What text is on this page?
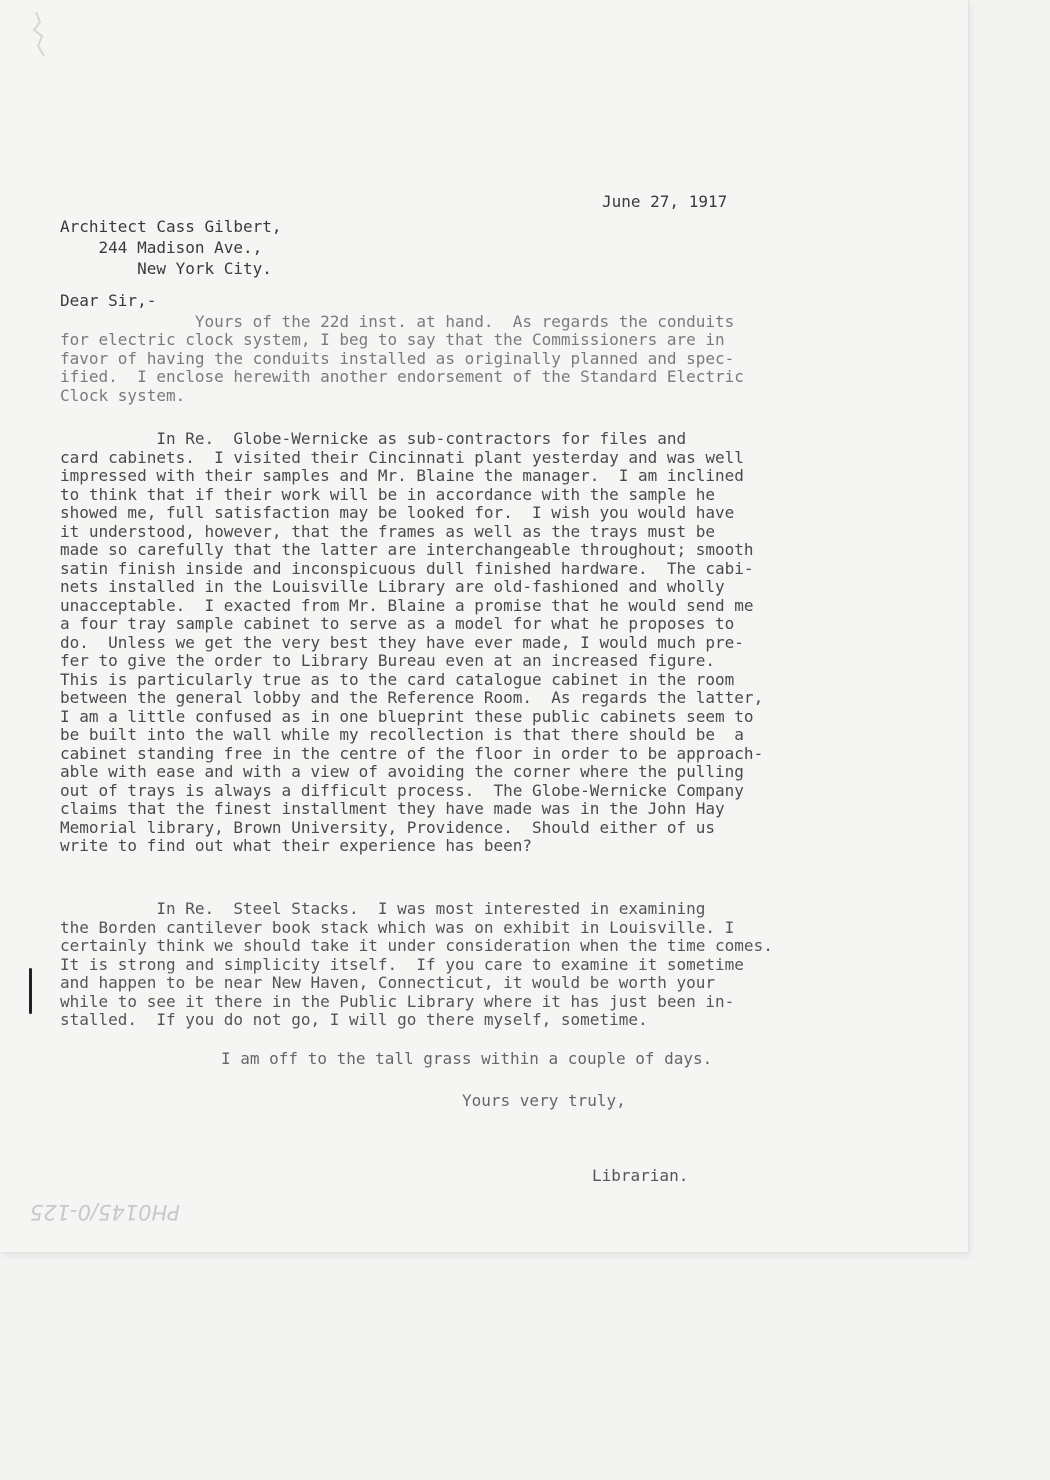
June 27, 1917

Architect Cass Gilbert,
244 Madison Ave.,
New York City.

Dear Sir,-

Yours of the 22d inst. at hand.  As regards the conduits
for electric clock system, I beg to say that the Commissioners are in
favor of having the conduits installed as originally planned and spec-
ified.  I enclose herewith another endorsement of the Standard Electric
Clock system.

In Re.  Globe-Wernicke as sub-contractors for files and
card cabinets.  I visited their Cincinnati plant yesterday and was well
impressed with their samples and Mr. Blaine the manager.  I am inclined
to think that if their work will be in accordance with the sample he
showed me, full satisfaction may be looked for.  I wish you would have
it understood, however, that the frames as well as the trays must be
made so carefully that the latter are interchangeable throughout; smooth
satin finish inside and inconspicuous dull finished hardware.  The cabi-
nets installed in the Louisville Library are old-fashioned and wholly
unacceptable.  I exacted from Mr. Blaine a promise that he would send me
a four tray sample cabinet to serve as a model for what he proposes to
do.  Unless we get the very best they have ever made, I would much pre-
fer to give the order to Library Bureau even at an increased figure.
This is particularly true as to the card catalogue cabinet in the room
between the general lobby and the Reference Room.  As regards the latter,
I am a little confused as in one blueprint these public cabinets seem to
be built into the wall while my recollection is that there should be  a
cabinet standing free in the centre of the floor in order to be approach-
able with ease and with a view of avoiding the corner where the pulling
out of trays is always a difficult process.  The Globe-Wernicke Company
claims that the finest installment they have made was in the John Hay
Memorial library, Brown University, Providence.  Should either of us
write to find out what their experience has been?

In Re.  Steel Stacks.  I was most interested in examining
the Borden cantilever book stack which was on exhibit in Louisville. I
certainly think we should take it under consideration when the time comes.
It is strong and simplicity itself.  If you care to examine it sometime
and happen to be near New Haven, Connecticut, it would be worth your
while to see it there in the Public Library where it has just been in-
stalled.  If you do not go, I will go there myself, sometime.

I am off to the tall grass within a couple of days.

Yours very truly,

Librarian.

PH0145/0-125
